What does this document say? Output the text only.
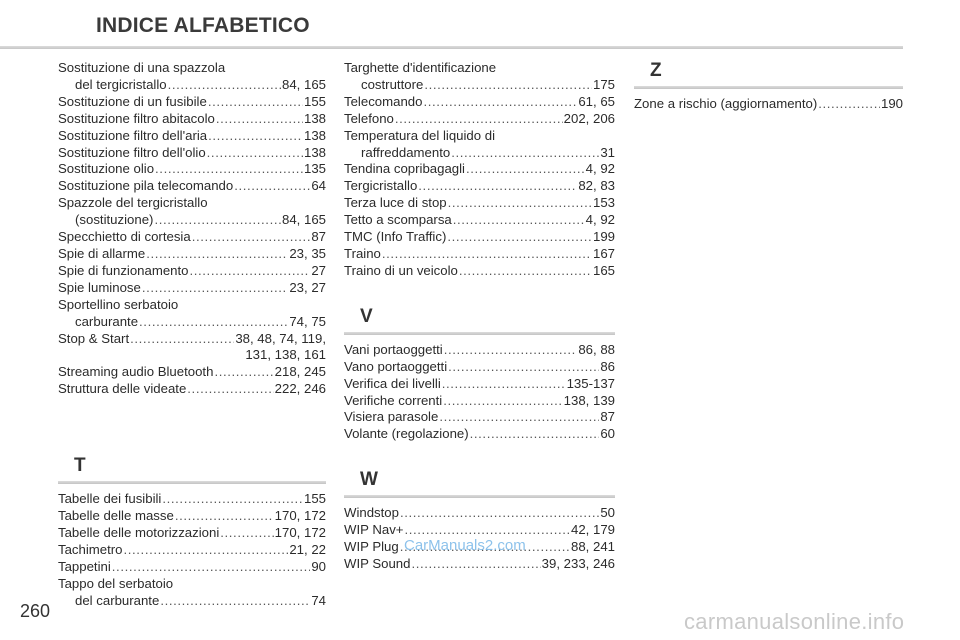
INDICE ALFABETICO
Sostituzione di una spazzola
del tergicristallo .....	84, 165
Sostituzione di un fusibile .....	155
Sostituzione filtro abitacolo .....	138
Sostituzione filtro dell'aria .....	138
Sostituzione filtro dell'olio .....	138
Sostituzione olio .....	135
Sostituzione pila telecomando .....	64
Spazzole del tergicristallo
(sostituzione) .....	84, 165
Specchietto di cortesia .....	87
Spie di allarme .....	23, 35
Spie di funzionamento .....	27
Spie luminose .....	23, 27
Sportellino serbatoio
carburante .....	74, 75
Stop & Start .....	38, 48, 74, 119,
131, 138, 161
Streaming audio Bluetooth .....	218, 245
Struttura delle videate .....	222, 246
T
Tabelle dei fusibili .....	155
Tabelle delle masse .....	170, 172
Tabelle delle motorizzazioni .....	170, 172
Tachimetro .....	21, 22
Tappetini .....	90
Tappo del serbatoio
del carburante .....	74
Targhette d'identificazione
costruttore .....	175
Telecomando .....	61, 65
Telefono .....	202, 206
Temperatura del liquido di
raffreddamento .....	31
Tendina copribagagli .....	4, 92
Tergicristallo .....	82, 83
Terza luce di stop .....	153
Tetto a scomparsa .....	4, 92
TMC (Info Traffic) .....	199
Traino .....	167
Traino di un veicolo .....	165
V
Vani portaoggetti .....	86, 88
Vano portaoggetti .....	86
Verifica dei livelli .....	135-137
Verifiche correnti .....	138, 139
Visiera parasole .....	87
Volante (regolazione) .....	60
W
Windstop .....	50
WIP Nav+ .....	42, 179
WIP Plug .....	88, 241
WIP Sound .....	39, 233, 246
Z
Zone a rischio (aggiornamento) .....	190
260
CarManuals2.com
carmanualsonline.info
